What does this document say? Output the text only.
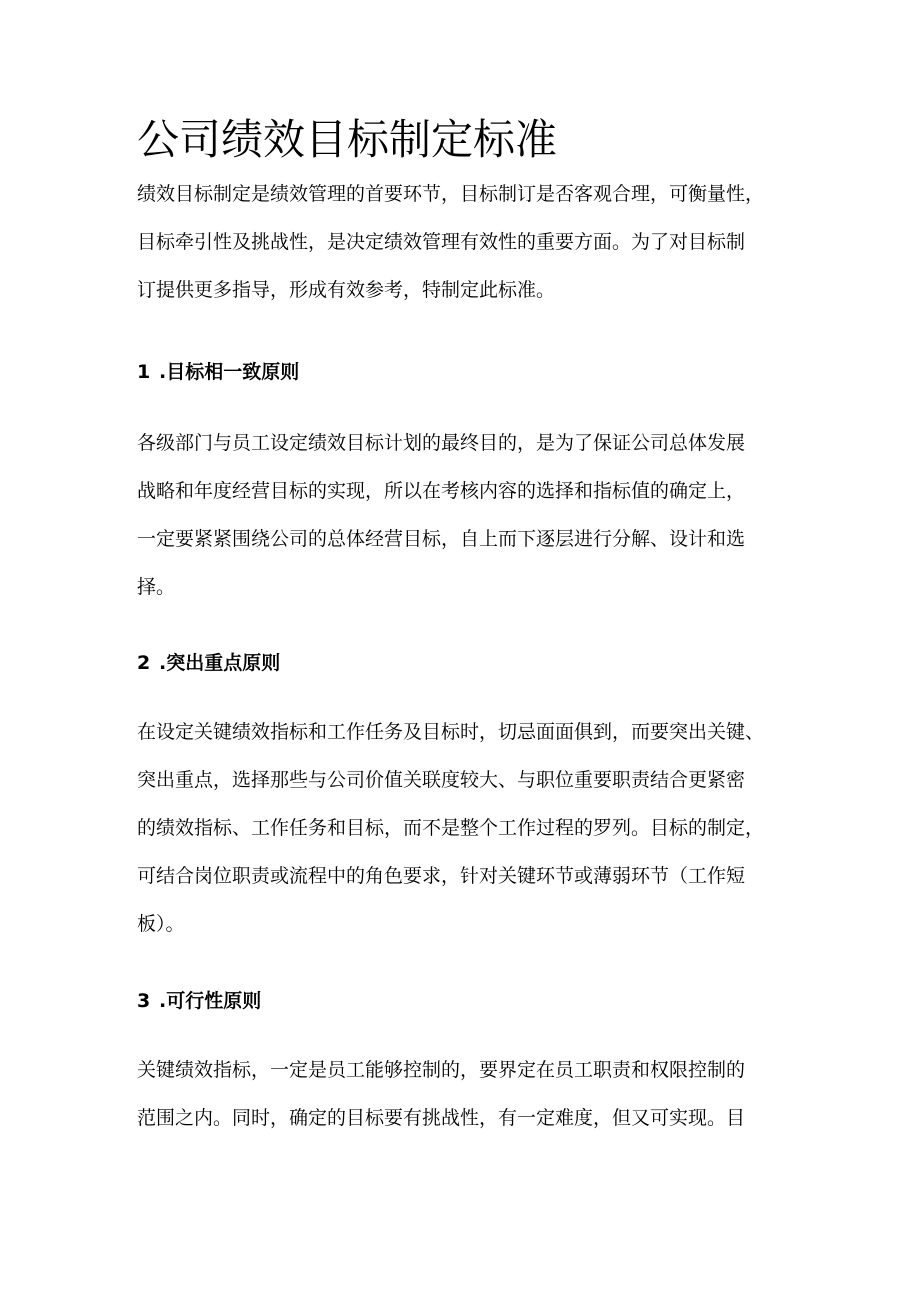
公司绩效目标制定标准

绩效目标制定是绩效管理的首要环节，目标制订是否客观合理，可衡量性，
目标牵引性及挑战性，是决定绩效管理有效性的重要方面。为了对目标制
订提供更多指导，形成有效参考，特制定此标准。

1 .目标相一致原则

各级部门与员工设定绩效目标计划的最终目的，是为了保证公司总体发展
战略和年度经营目标的实现，所以在考核内容的选择和指标值的确定上，
一定要紧紧围绕公司的总体经营目标，自上而下逐层进行分解、设计和选
择。

2 .突出重点原则

在设定关键绩效指标和工作任务及目标时，切忌面面俱到，而要突出关键、
突出重点，选择那些与公司价值关联度较大、与职位重要职责结合更紧密
的绩效指标、工作任务和目标，而不是整个工作过程的罗列。目标的制定，
可结合岗位职责或流程中的角色要求，针对关键环节或薄弱环节（工作短
板）。

3 .可行性原则

关键绩效指标，一定是员工能够控制的，要界定在员工职责和权限控制的
范围之内。同时，确定的目标要有挑战性，有一定难度，但又可实现。目
